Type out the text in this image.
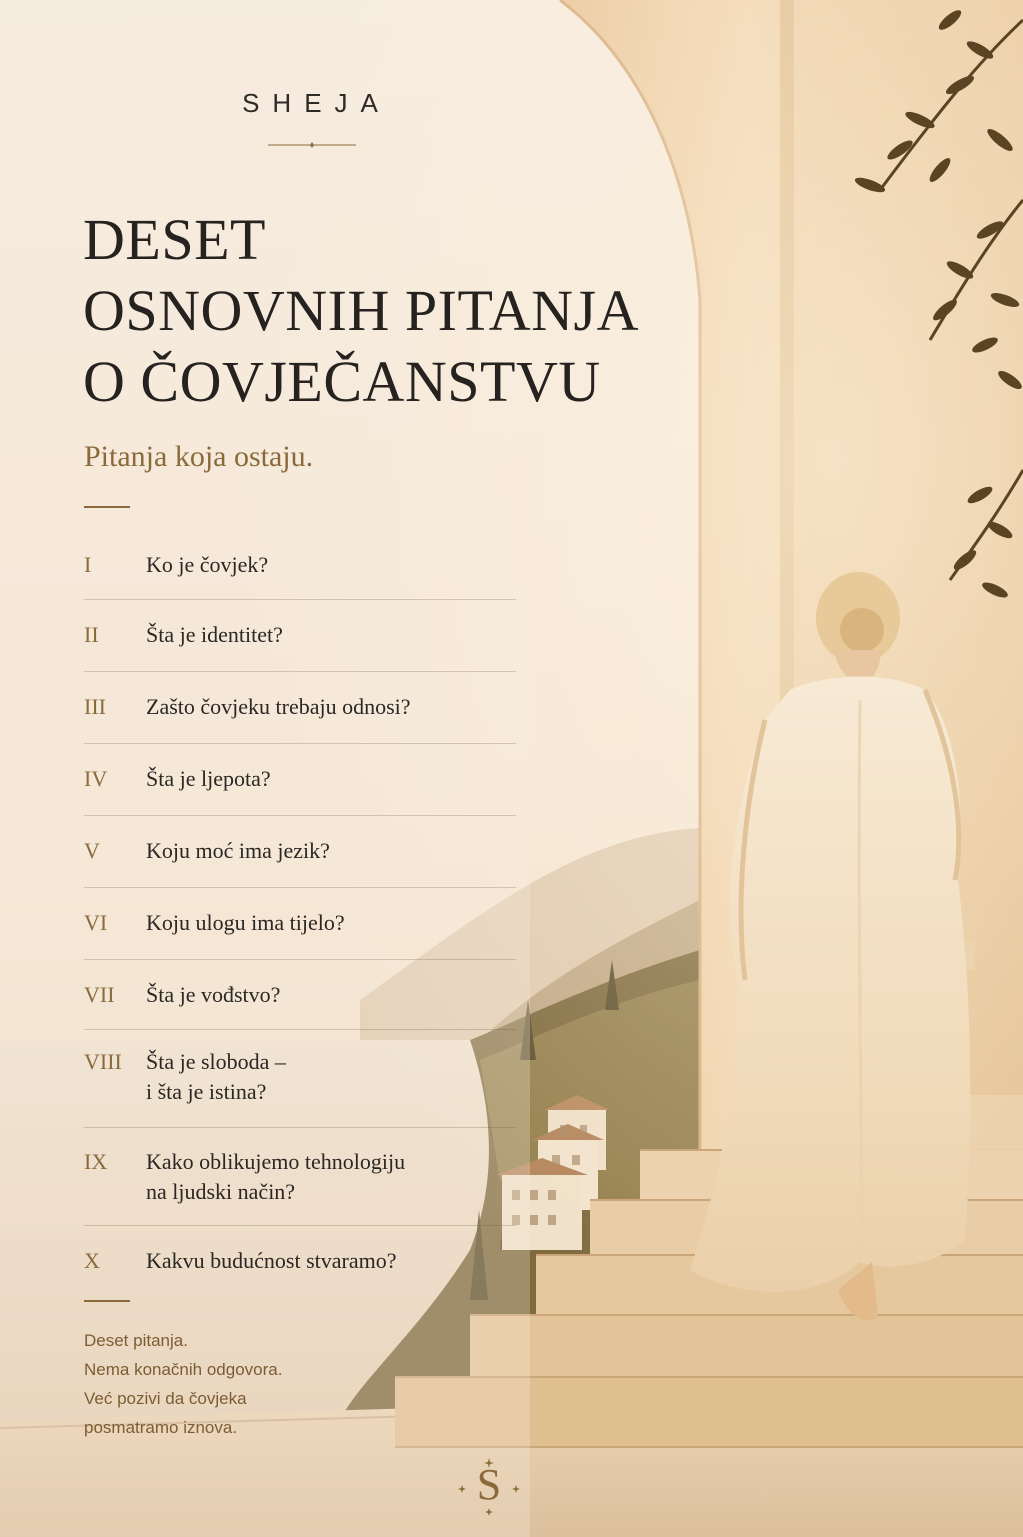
SHEJA
DESET
OSNOVNIH PITANJA
O ČOVJEČANSTVU
Pitanja koja ostaju.
I Ko je čovjek?
II Šta je identitet?
III Zašto čovjeku trebaju odnosi?
IV Šta je ljepota?
V Koju moć ima jezik?
VI Koju ulogu ima tijelo?
VII Šta je vođstvo?
VIII Šta je sloboda –
i šta je istina?
IX Kako oblikujemo tehnologiju
na ljudski način?
X Kakvu budućnost stvaramo?
Deset pitanja.
Nema konačnih odgovora.
Već pozivi da čovjeka
posmatramo iznova.
S
